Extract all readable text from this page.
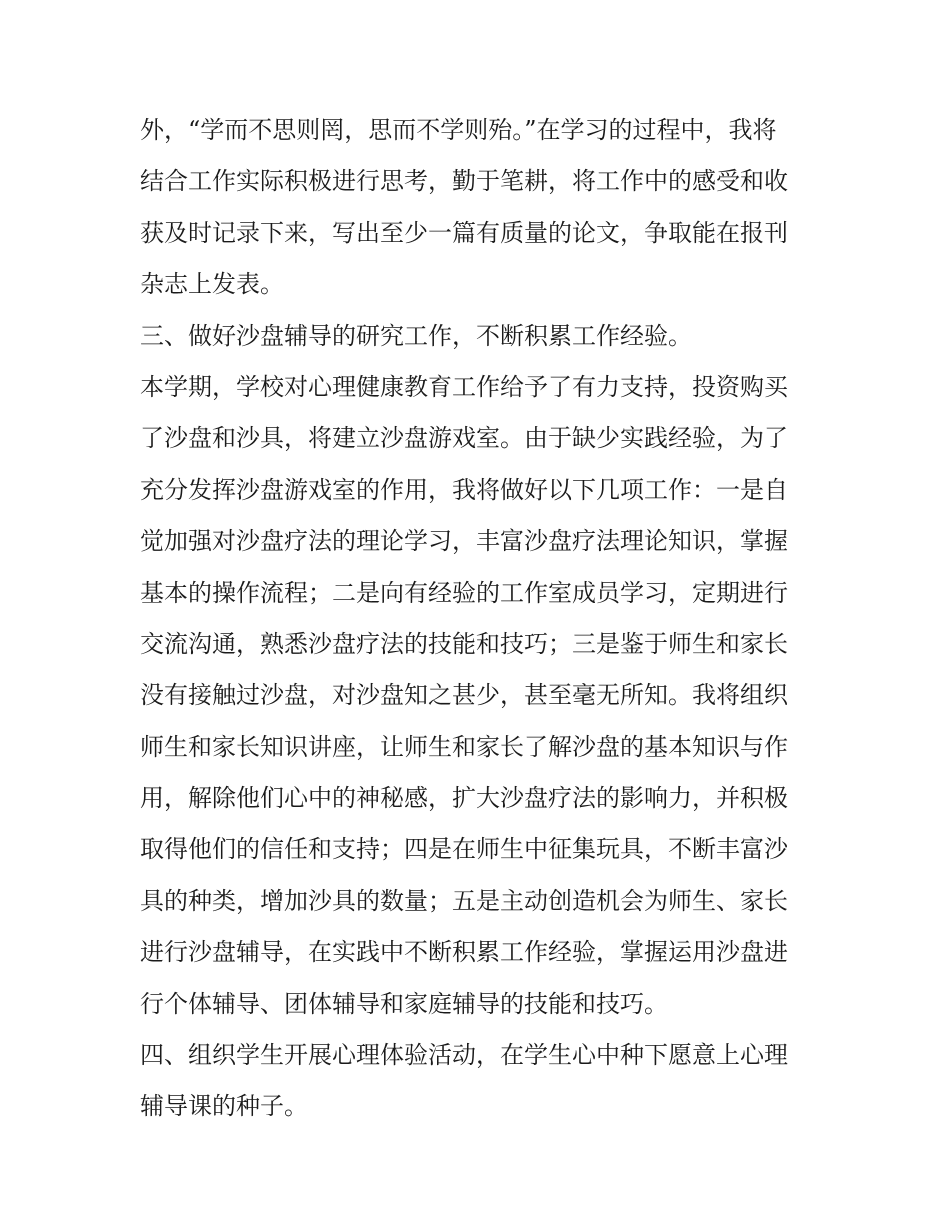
外，“学而不思则罔，思而不学则殆。”在学习的过程中，我将
结合工作实际积极进行思考，勤于笔耕，将工作中的感受和收
获及时记录下来，写出至少一篇有质量的论文，争取能在报刊
杂志上发表。
三、做好沙盘辅导的研究工作，不断积累工作经验。
本学期，学校对心理健康教育工作给予了有力支持，投资购买
了沙盘和沙具，将建立沙盘游戏室。由于缺少实践经验，为了
充分发挥沙盘游戏室的作用，我将做好以下几项工作：一是自
觉加强对沙盘疗法的理论学习，丰富沙盘疗法理论知识，掌握
基本的操作流程；二是向有经验的工作室成员学习，定期进行
交流沟通，熟悉沙盘疗法的技能和技巧；三是鉴于师生和家长
没有接触过沙盘，对沙盘知之甚少，甚至毫无所知。我将组织
师生和家长知识讲座，让师生和家长了解沙盘的基本知识与作
用，解除他们心中的神秘感，扩大沙盘疗法的影响力，并积极
取得他们的信任和支持；四是在师生中征集玩具，不断丰富沙
具的种类，增加沙具的数量；五是主动创造机会为师生、家长
进行沙盘辅导，在实践中不断积累工作经验，掌握运用沙盘进
行个体辅导、团体辅导和家庭辅导的技能和技巧。
四、组织学生开展心理体验活动，在学生心中种下愿意上心理
辅导课的种子。
